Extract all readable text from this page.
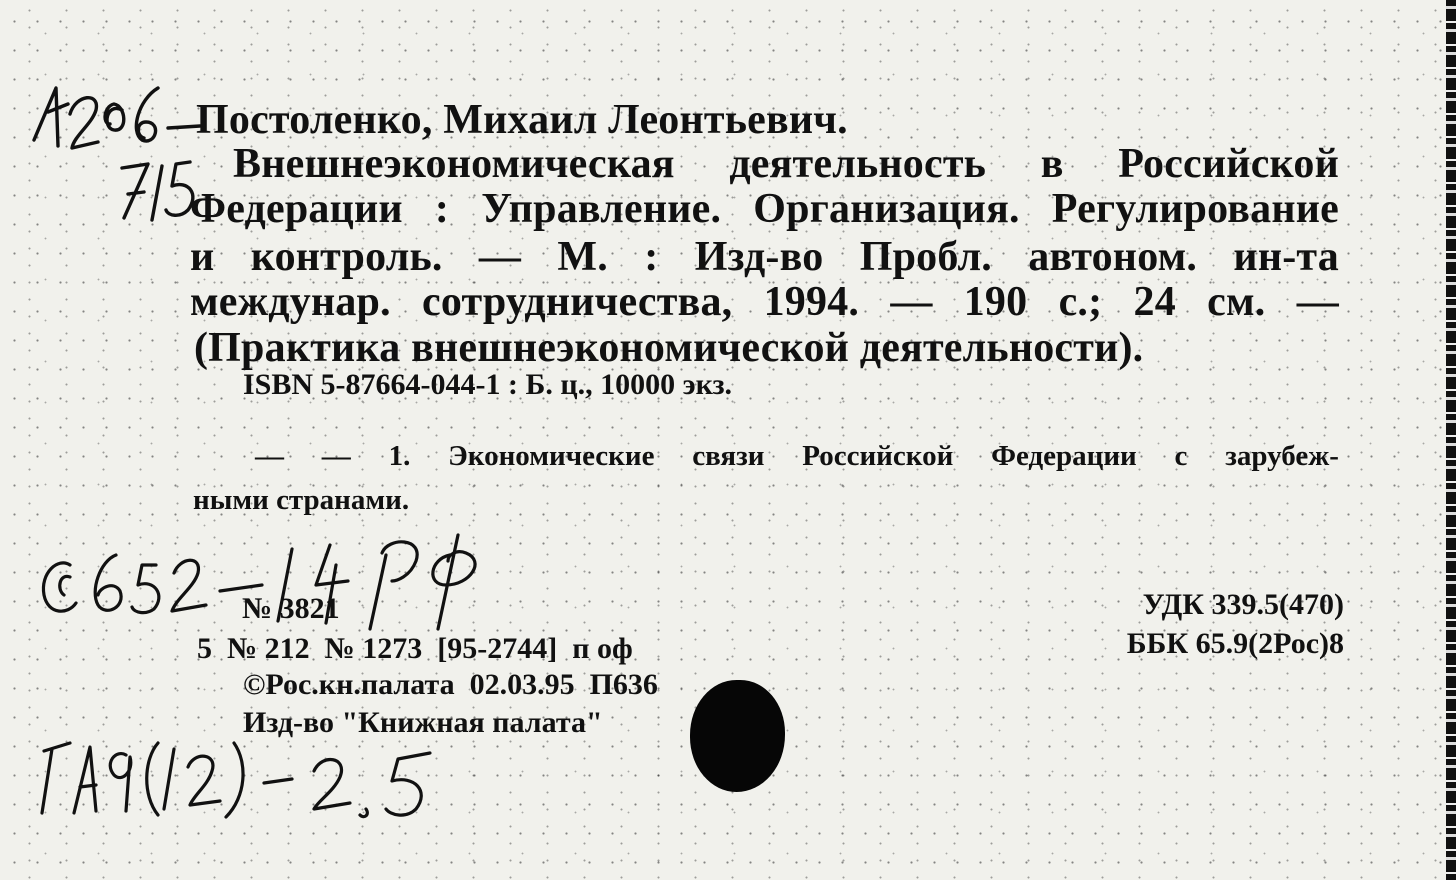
Постоленко, Михаил Леонтьевич.
Внешнеэкономическая деятельность в Российской
Федерации : Управление. Организация. Регулирование
и контроль. — М. : Изд-во Пробл. автоном. ин-та
междунар. сотрудничества, 1994. — 190 с.; 24 см. —
(Практика внешнеэкономической деятельности).
ISBN 5-87664-044-1 : Б. ц., 10000 экз.
— — 1. Экономические связи Российской Федерации с зарубеж-
ными странами.
№ 3821
5  № 212  № 1273  [95-2744]  п оф
©Рос.кн.палата  02.03.95  П636
Изд-во "Книжная палата"
УДК 339.5(470)
ББК 65.9(2Рос)8
